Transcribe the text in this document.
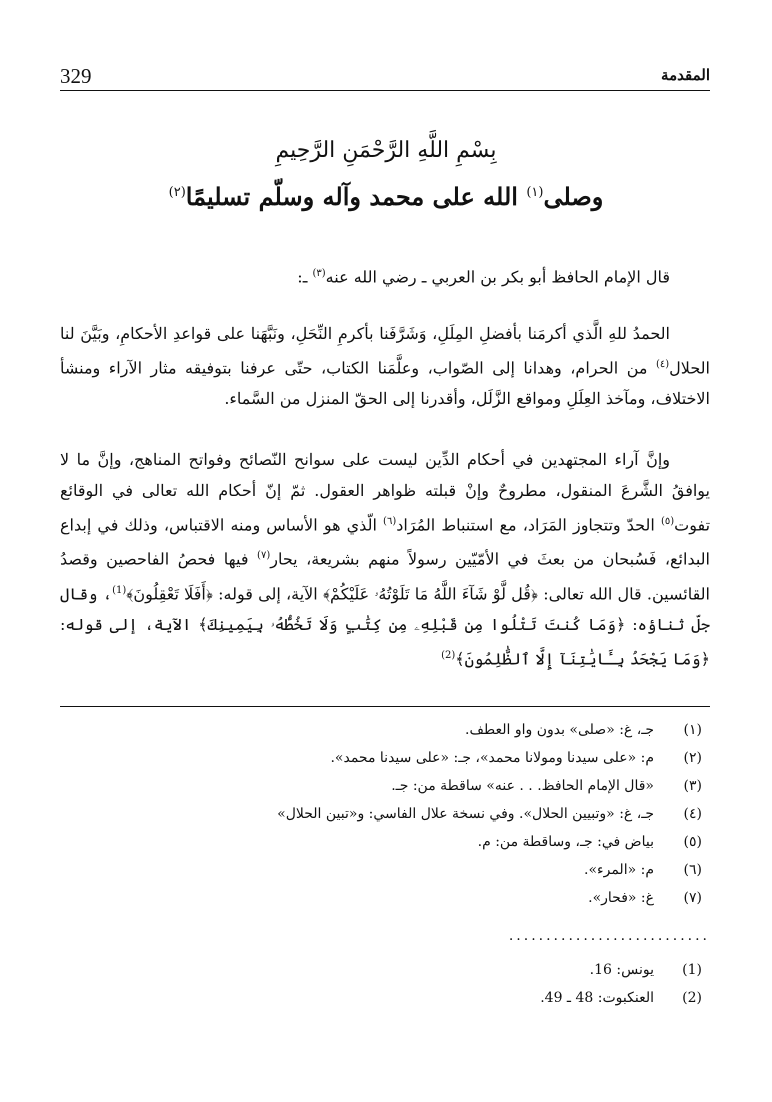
329	المقدمة
بِسْمِ اللَّهِ الرَّحْمَنِ الرَّحِيمِ
وصلى$^{(١)}$ الله على محمد وآله وسلّم تسليمًا$^{(٢)}$

قال الإمام الحافظ أبو بكر بن العربي ـ رضي الله عنه$^{(٣)}$ ـ:

الحمدُ للهِ الَّذي أكرمَنا بأفضلِ المِلَلِ، وَشَرَّفَنا بأكرمِ النِّحَلِ، ونَبَّهَنا على قواعدِ الأحكامِ، وبَيَّنَ لنا الحلال$^{(٤)}$ من الحرام، وهدانا إلى الصّواب، وعلَّمَنا الكتاب، حتّى عرفنا بتوفيقه مثار الآراء ومنشأ الاختلاف، ومآخذ العِلَلِ ومواقع الزَّلَل، وأقدرنا إلى الحقّ المنزل من السَّماء.

وإنَّ آراء المجتهدين في أحكام الدِّين ليست على سوانح النّصائح وفواتح المناهج، وإنَّ ما لا يوافقُ الشَّرعَ المنقول، مطروحٌ وإنْ قبلته ظواهر العقول. ثمّ إنّ أحكام الله تعالى في الوقائع تفوت$^{(٥)}$ الحدّ وتتجاوز المَرَاد، مع استنباط المُرَاد$^{(٦)}$ الّذي هو الأساس ومنه الاقتباس، وذلك في إبداع البدائع، فَسُبحان من بعثَ في الأمّيّين رسولاً منهم بشريعة، يحار$^{(٧)}$ فيها فحصُ الفاحصين وقصدُ القائسين. قال الله تعالى: ﴿قُل لَّوْ شَآءَ اللَّهُ مَا تَلَوْتُهُۥ عَلَيْكُمْ﴾ الآية، إلى قوله: ﴿أَفَلَا تَعْقِلُونَ﴾$^{(1)}$، وقال جلّ ثناؤه: ﴿وَمَا كُنتَ تَتْلُوا مِن قَبْلِهِۦ مِن كِتَٰبٍ وَلَا تَخُطُّهُۥ بِيَمِينِكَ﴾ الآية، إلى قوله: ﴿وَمَا يَجْحَدُ بِـَٔايَٰتِنَآ إِلَّا ٱلظَّٰلِمُونَ﴾$^{(2)}$

(١)
جـ، غ: «صلى» بدون واو العطف.
(٢)
م: «على سيدنا ومولانا محمد»، جـ: «على سيدنا محمد».
(٣)
«قال الإمام الحافظ. . . عنه» ساقطة من: جـ.
(٤)
جـ، غ: «وتبيين الحلال». وفي نسخة علال الفاسي: و«تبين الحلال»
(٥)
بياض في: جـ، وساقطة من: م.
(٦)
م: «المرء».
(٧)
غ: «فحار».
...........................
(1)
يونس: 16.
(2)
العنكبوت: 48 ـ 49.
